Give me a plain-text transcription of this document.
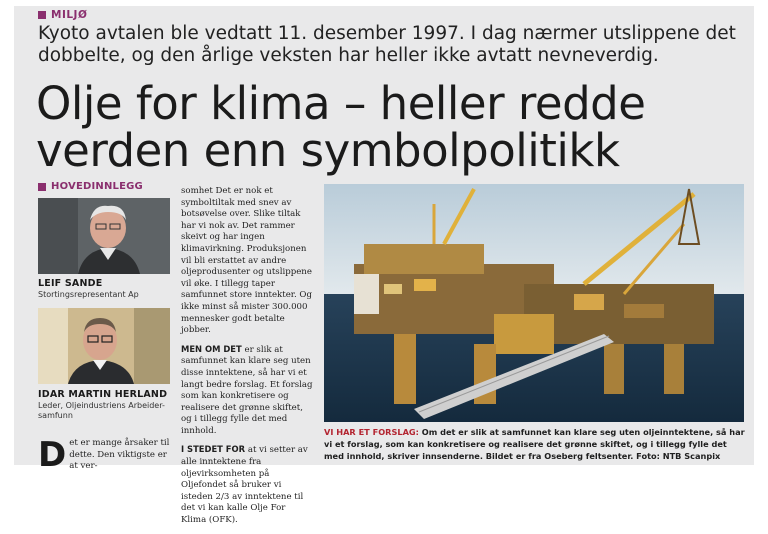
MILJØ
Kyoto avtalen ble vedtatt 11. desember 1997. I dag nærmer utslippene det dobbelte, og den årlige veksten har heller ikke avtatt nevneverdig.
Olje for klima – heller redde verden enn symbolpolitikk
HOVEDINNLEGG
LEIF SANDE
Stortingsrepresentant Ap
IDAR MARTIN HERLAND
Leder, Oljeindustriens Arbeider-samfunn
D et er mange årsaker til dette. Den viktigste er at ver-

somhet Det er nok et symboltiltak med snev av botsøvelse over. Slike tiltak har vi nok av. Det rammer skeivt og har ingen klimavirkning. Produksjonen vil bli erstattet av andre oljeprodusenter og utslippene vil øke. I tillegg taper samfunnet store inntekter. Og ikke minst så mister 300.000 mennesker godt betalte jobber.

MEN OM DET er slik at samfunnet kan klare seg uten disse inntektene, så har vi et langt bedre forslag. Et forslag som kan konkretisere og realisere det grønne skiftet, og i tillegg fylle det med innhold.

I STEDET FOR at vi setter av alle inntektene fra oljevirksomheten på Oljefondet så bruker vi isteden 2/3 av inntektene til det vi kan kalle Olje For Klima (OFK).

VI HAR ET FORSLAG: Om det er slik at samfunnet kan klare seg uten oljeinntektene, så har vi et forslag, som kan konkretisere og realisere det grønne skiftet, og i tillegg fylle det med innhold, skriver innsenderne. Bildet er fra Oseberg feltsenter. Foto: NTB Scanpix
